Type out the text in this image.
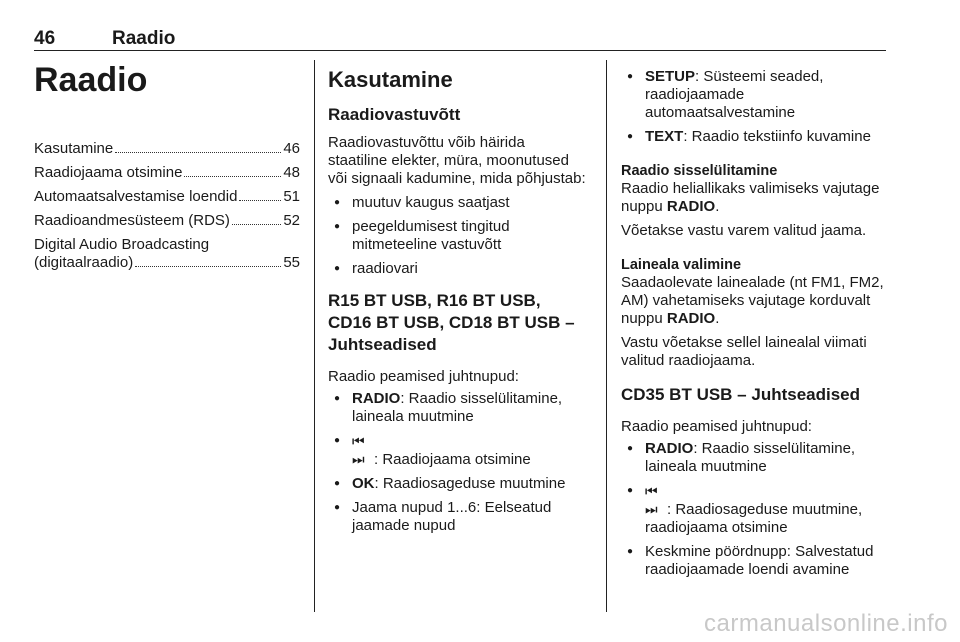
46	Raadio
Raadio
Kasutamine	46
Raadiojaama otsimine	48
Automaatsalvestamise loendid	51
Raadioandmesüsteem (RDS)	52
Digital Audio Broadcasting
(digitaalraadio)	55
Kasutamine
Raadiovastuvõtt

Raadiovastuvõttu võib häirida staatiline elekter, müra, moonutused või signaali kadumine, mida põhjustab:

● muutuv kaugus saatjast
● peegeldumisest tingitud mitmeteeline vastuvõtt
● raadiovari
R15 BT USB, R16 BT USB, CD16 BT USB, CD18 BT USB – Juhtseadised

Raadio peamised juhtnupud:

● RADIO: Raadio sisselülitamine, laineala muutmine
● ⏮ ⏭ : Raadiojaama otsimine
● OK: Raadiosageduse muutmine
● Jaama nupud 1...6: Eelseatud jaamade nupud
● SETUP: Süsteemi seaded, raadiojaamade automaatsalvestamine
● TEXT: Raadio tekstiinfo kuvamine
Raadio sisselülitamine

Raadio heliallikaks valimiseks vajutage nuppu RADIO.

Võetakse vastu varem valitud jaama.

Laineala valimine

Saadaolevate lainealade (nt FM1, FM2, AM) vahetamiseks vajutage korduvalt nuppu RADIO.

Vastu võetakse sellel lainealal viimati valitud raadiojaama.

CD35 BT USB – Juhtseadised

Raadio peamised juhtnupud:

● RADIO: Raadio sisselülitamine, laineala muutmine
● ⏮ ⏭ : Raadiosageduse muutmine, raadiojaama otsimine
● Keskmine pöördnupp: Salvestatud raadiojaamade loendi avamine
carmanualsonline.info
